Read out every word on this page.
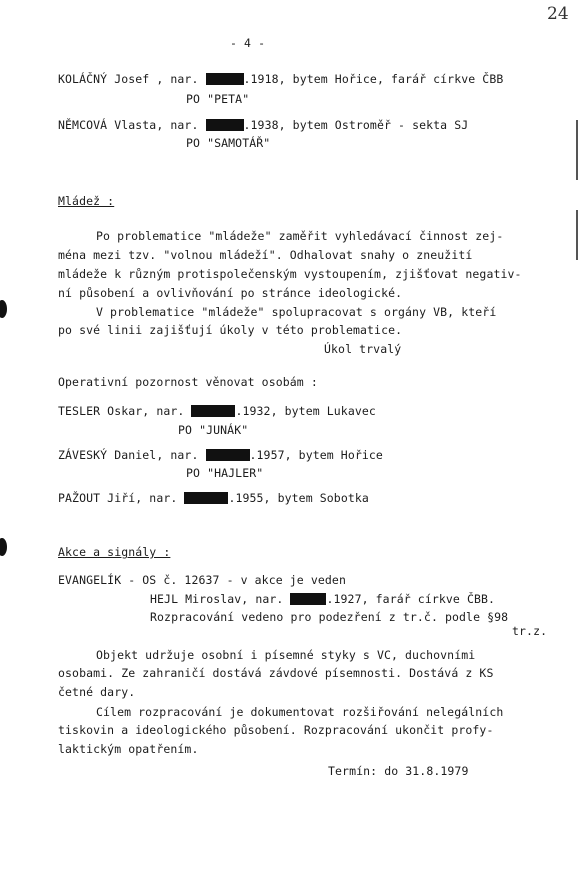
24
- 4 -
KOLÁČNÝ Josef , nar.	.1918, bytem Hořice, farář církve ČBB
PO "PETA"
NĚMCOVÁ Vlasta, nar.	.1938, bytem Ostroměř - sekta SJ
PO "SAMOTÁŘ"
Mládež :
Po problematice "mládeže" zaměřit vyhledávací činnost zej-
ména mezi tzv. "volnou mládeží". Odhalovat snahy o zneužití
mládeže k různým protispolečenským vystoupením, zjišťovat negativ-
ní působení a ovlivňování po stránce ideologické.
V problematice "mládeže" spolupracovat s orgány VB, kteří
po své linii zajišťují úkoly v této problematice.
Úkol trvalý
Operativní pozornost věnovat osobám :
TESLER Oskar, nar.	.1932, bytem Lukavec
PO "JUNÁK"
ZÁVESKÝ Daniel, nar.	.1957, bytem Hořice
PO "HAJLER"
PAŽOUT Jiří, nar.	.1955, bytem Sobotka
Akce a signály :
EVANGELÍK - OS č. 12637 - v akce je veden
HEJL Miroslav, nar.	.1927, farář církve ČBB.
Rozpracování vedeno pro podezření z tr.č. podle §98
tr.z.
Objekt udržuje osobní i písemné styky s VC, duchovními
osobami. Ze zahraničí dostává závdové písemnosti. Dostává z KS
četné dary.
Cílem rozpracování je dokumentovat rozšiřování nelegálních
tiskovin a ideologického působení. Rozpracování ukončit profy-
laktickým opatřením.
Termín: do 31.8.1979
